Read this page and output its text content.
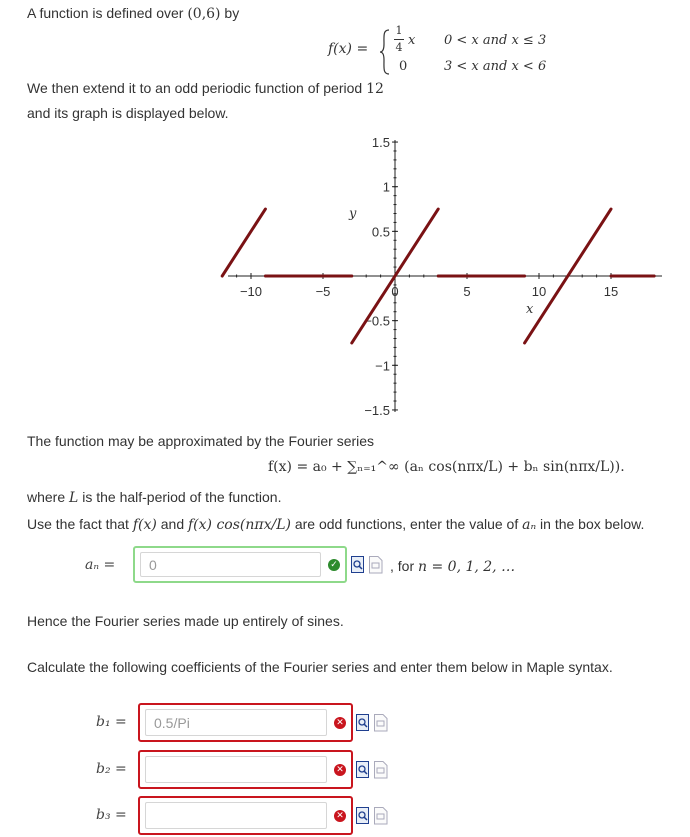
A function is defined over (0,6) by
f(x) =
1
4 x 0 < x and x ≤ 3
0	3 < x and x < 6
We then extend it to an odd periodic function of period 12
and its graph is displayed below.
−10	−5	0	5	10	15
1.5
1
0.5
−0.5
−1
−1.5
x
y
The function may be approximated by the Fourier series
f(x) = a₀ + ∑ₙ₌₁^∞ (aₙ cos(nπx/L) + bₙ sin(nπx/L)).
where L is the half-period of the function.
Use the fact that f(x) and f(x) cos(nπx/L) are odd functions, enter the value of aₙ in the box below.
aₙ =
0	✓	, for n = 0, 1, 2, …
Hence the Fourier series made up entirely of sines.
Calculate the following coefficients of the Fourier series and enter them below in Maple syntax.
b₁ =
0.5/Pi	✕
b₂ =	✕
b₃ =	✕
